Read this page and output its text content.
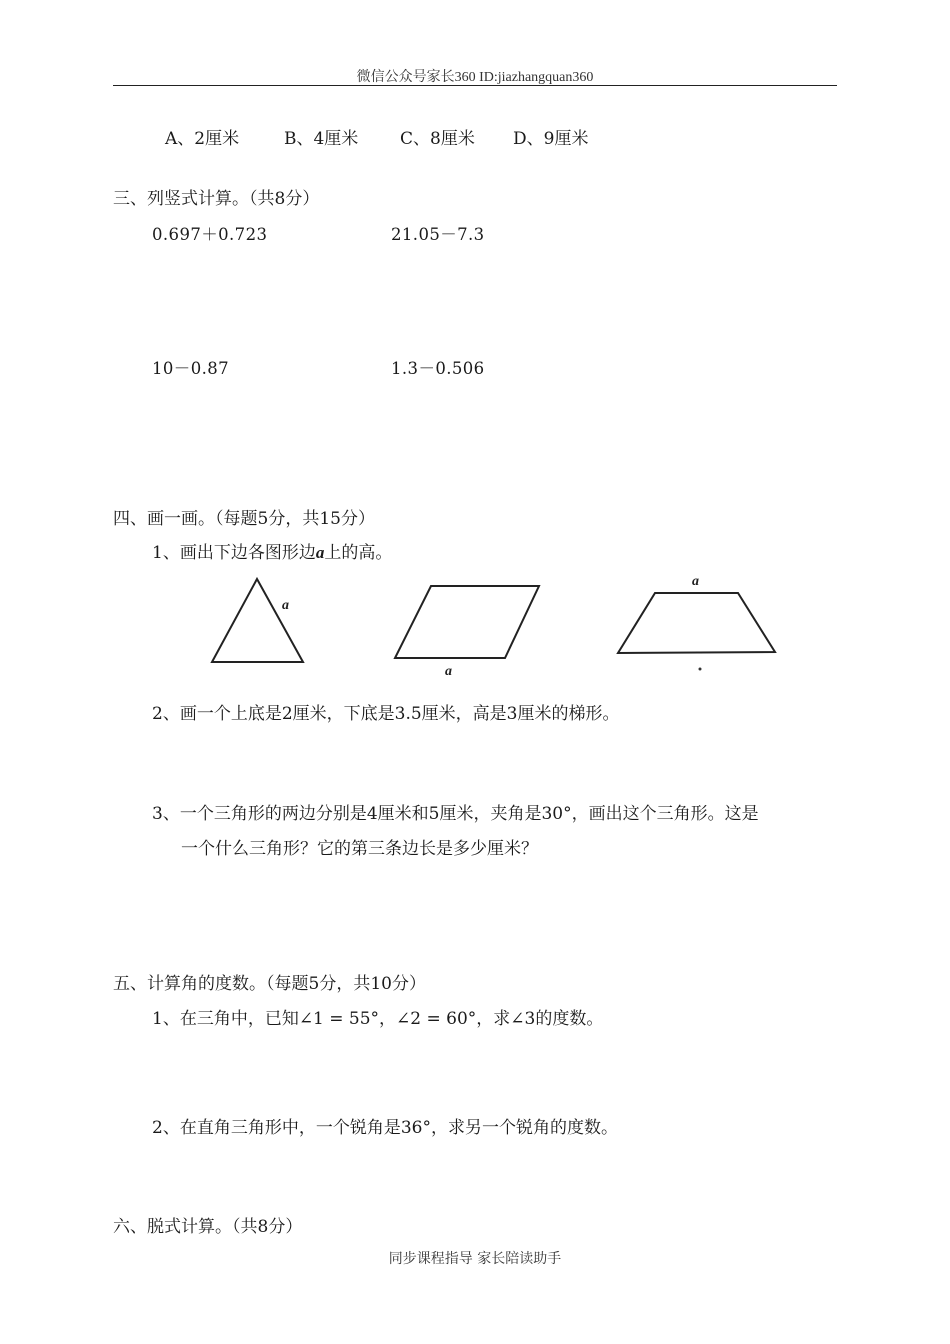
微信公众号家长360 ID:jiazhangquan360
A、2厘米	B、4厘米 C、8厘米 D、9厘米
三、列竖式计算。（共8分）
0.697＋0.723	21.05－7.3
10－0.87	1.3－0.506
四、画一画。（每题5分，共15分）
1、画出下边各图形边a上的高。
a
a
a
2、画一个上底是2厘米，下底是3.5厘米，高是3厘米的梯形。
3、一个三角形的两边分别是4厘米和5厘米，夹角是30°，画出这个三角形。这是
一个什么三角形？它的第三条边长是多少厘米？
五、计算角的度数。（每题5分，共10分）
1、在三角中，已知∠1 = 55°，∠2 = 60°，求∠3的度数。
2、在直角三角形中，一个锐角是36°，求另一个锐角的度数。
六、脱式计算。（共8分）
同步课程指导 家长陪读助手
